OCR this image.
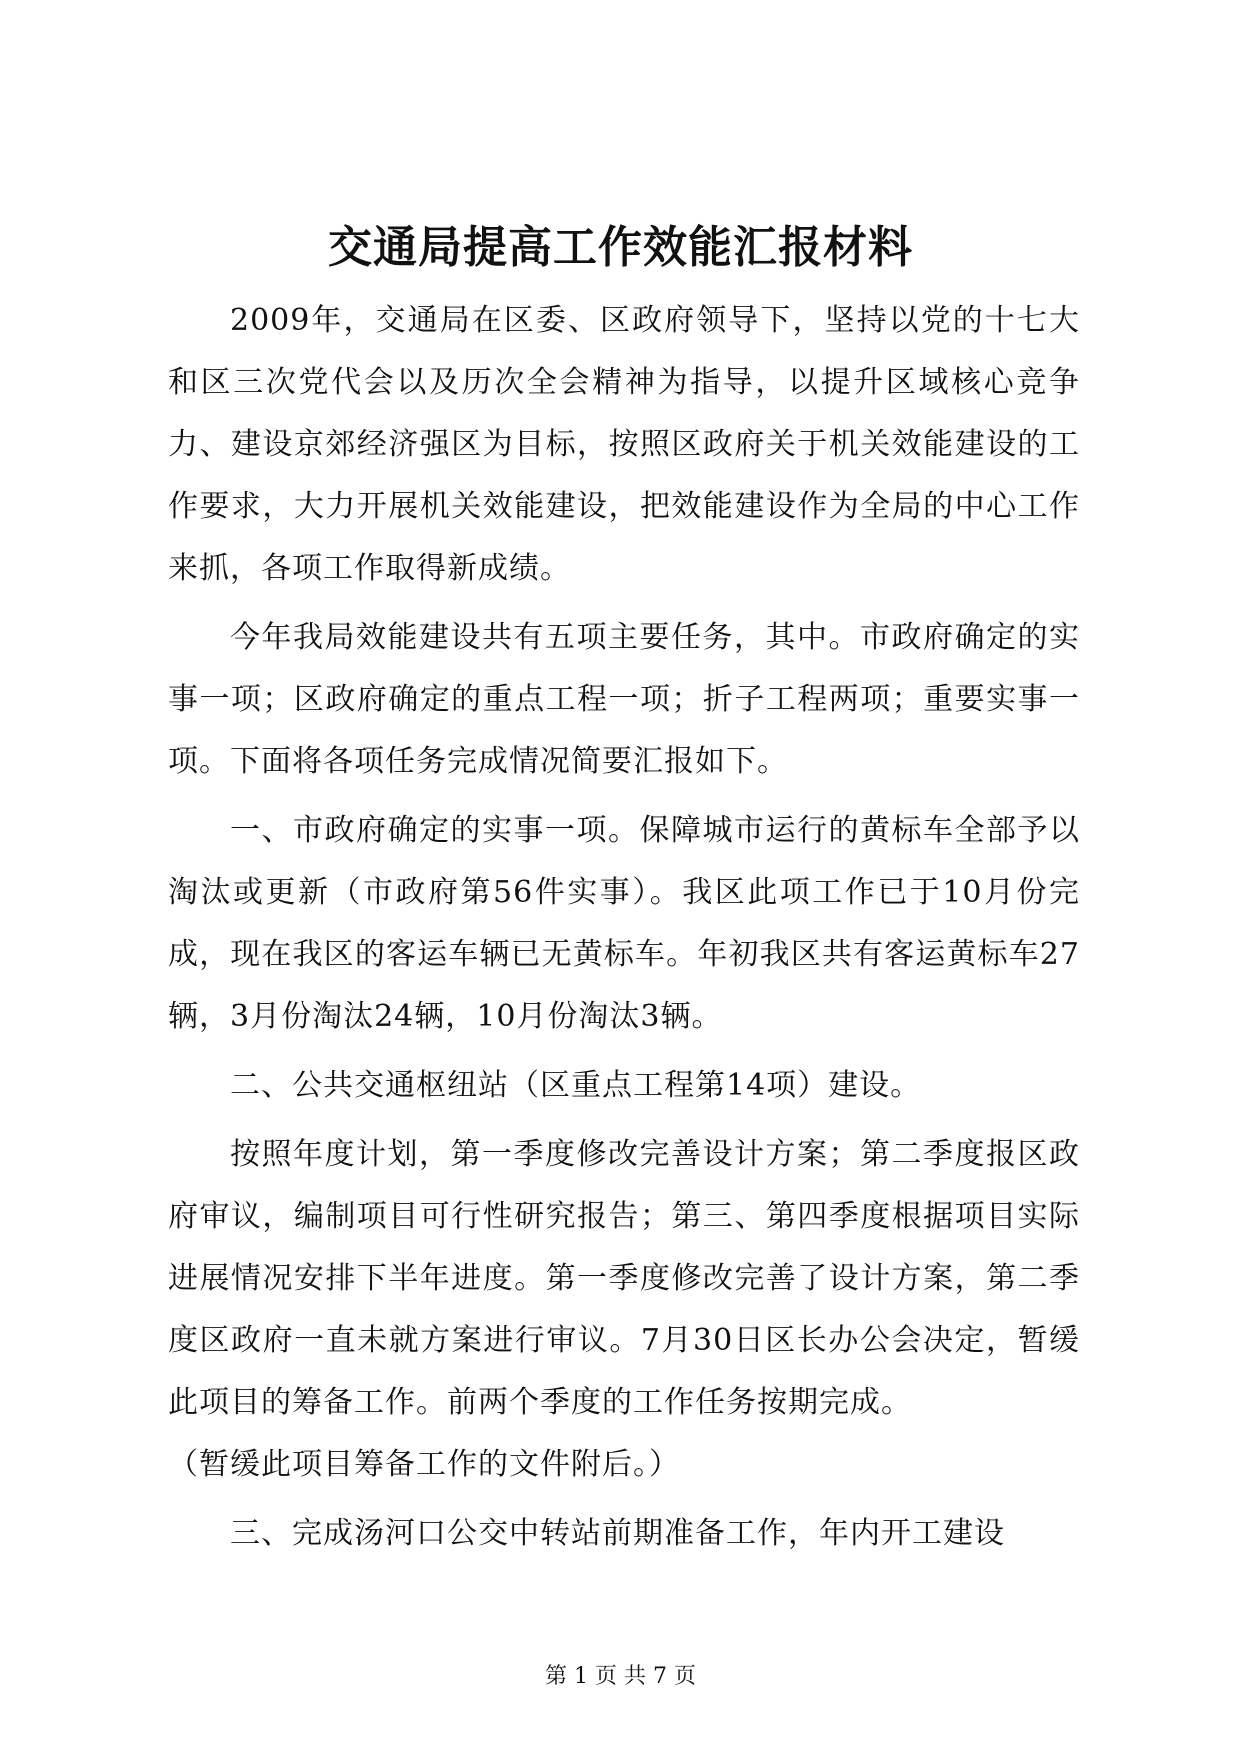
交通局提高工作效能汇报材料

2009年，交通局在区委、区政府领导下，坚持以党的十七大和区三次党代会以及历次全会精神为指导，以提升区域核心竞争力、建设京郊经济强区为目标，按照区政府关于机关效能建设的工作要求，大力开展机关效能建设，把效能建设作为全局的中心工作来抓，各项工作取得新成绩。

今年我局效能建设共有五项主要任务，其中。市政府确定的实事一项；区政府确定的重点工程一项；折子工程两项；重要实事一项。下面将各项任务完成情况简要汇报如下。

一、市政府确定的实事一项。保障城市运行的黄标车全部予以淘汰或更新（市政府第56件实事）。我区此项工作已于10月份完成，现在我区的客运车辆已无黄标车。年初我区共有客运黄标车27辆，3月份淘汰24辆，10月份淘汰3辆。

二、公共交通枢纽站（区重点工程第14项）建设。

按照年度计划，第一季度修改完善设计方案；第二季度报区政府审议，编制项目可行性研究报告；第三、第四季度根据项目实际进展情况安排下半年进度。第一季度修改完善了设计方案，第二季度区政府一直未就方案进行审议。7月30日区长办公会决定，暂缓此项目的筹备工作。前两个季度的工作任务按期完成。

（暂缓此项目筹备工作的文件附后。）

三、完成汤河口公交中转站前期准备工作，年内开工建设

第 1 页 共 7 页
